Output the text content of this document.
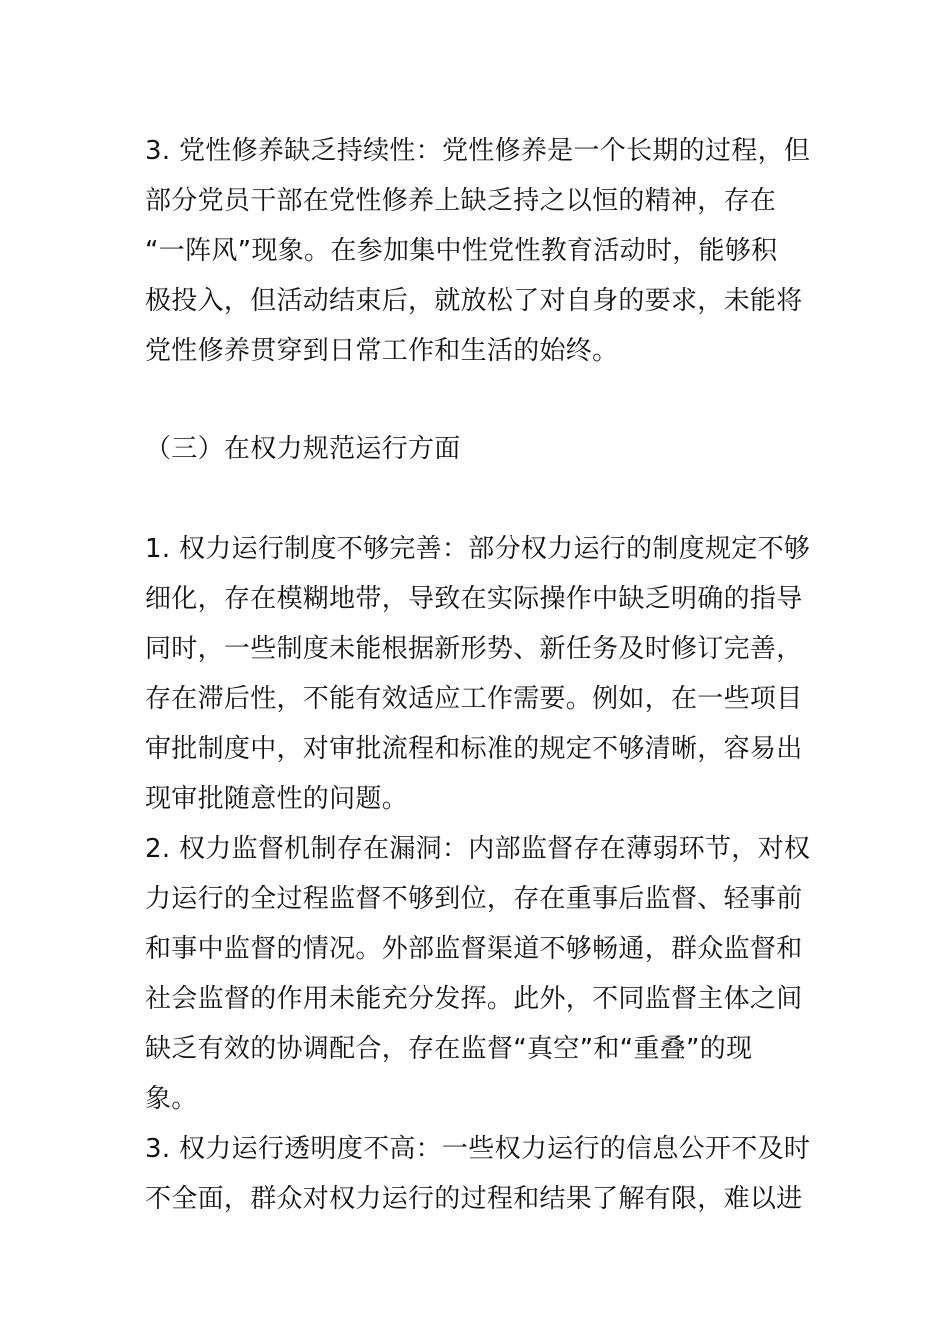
3. 党性修养缺乏持续性：党性修养是一个长期的过程，但
部分党员干部在党性修养上缺乏持之以恒的精神，存在
“一阵风”现象。在参加集中性党性教育活动时，能够积
极投入，但活动结束后，就放松了对自身的要求，未能将
党性修养贯穿到日常工作和生活的始终。
（三）在权力规范运行方面
1. 权力运行制度不够完善：部分权力运行的制度规定不够
细化，存在模糊地带，导致在实际操作中缺乏明确的指导
同时，一些制度未能根据新形势、新任务及时修订完善，
存在滞后性，不能有效适应工作需要。例如，在一些项目
审批制度中，对审批流程和标准的规定不够清晰，容易出
现审批随意性的问题。
2. 权力监督机制存在漏洞：内部监督存在薄弱环节，对权
力运行的全过程监督不够到位，存在重事后监督、轻事前
和事中监督的情况。外部监督渠道不够畅通，群众监督和
社会监督的作用未能充分发挥。此外，不同监督主体之间
缺乏有效的协调配合，存在监督“真空”和“重叠”的现
象。
3. 权力运行透明度不高：一些权力运行的信息公开不及时
不全面，群众对权力运行的过程和结果了解有限，难以进
